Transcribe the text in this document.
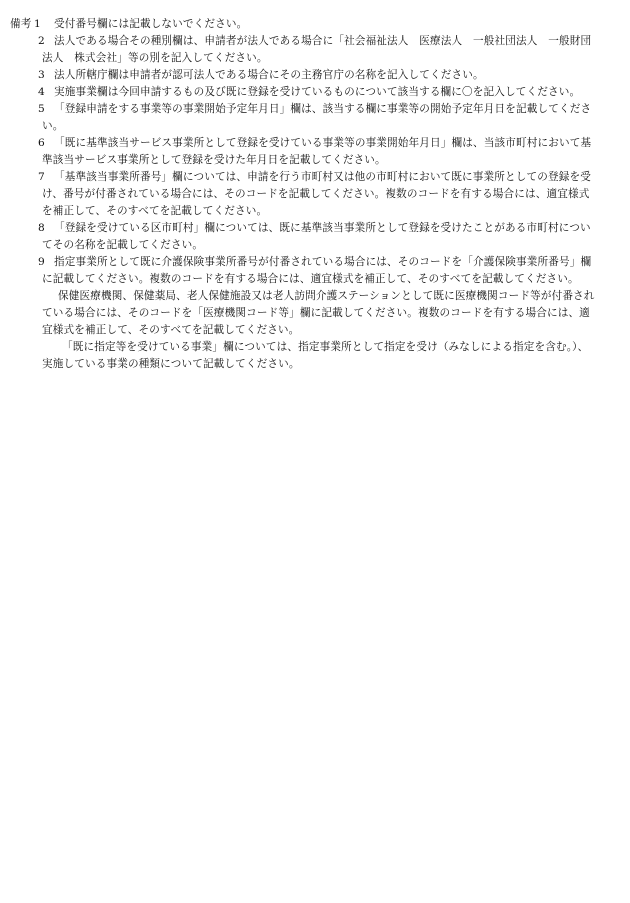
備考 1	受付番号欄には記載しないでください。
2 法人である場合その種別欄は、申請者が法人である場合に「社会福祉法人　医療法人　一般社団法人　一般財団
法人　株式会社」等の別を記入してください。
3 法人所轄庁欄は申請者が認可法人である場合にその主務官庁の名称を記入してください。
4 実施事業欄は今回申請するもの及び既に登録を受けているものについて該当する欄に〇を記入してください。
5 「登録申請をする事業等の事業開始予定年月日」欄は、該当する欄に事業等の開始予定年月日を記載してくださ
い。
6 「既に基準該当サービス事業所として登録を受けている事業等の事業開始年月日」欄は、当該市町村において基
準該当サービス事業所として登録を受けた年月日を記載してください。
7 「基準該当事業所番号」欄については、申請を行う市町村又は他の市町村において既に事業所としての登録を受
け、番号が付番されている場合には、そのコードを記載してください。複数のコードを有する場合には、適宜様式
を補正して、そのすべてを記載してください。
8 「登録を受けている区市町村」欄については、既に基準該当事業所として登録を受けたことがある市町村につい
てその名称を記載してください。
9 指定事業所として既に介護保険事業所番号が付番されている場合には、そのコードを「介護保険事業所番号」欄
に記載してください。複数のコードを有する場合には、適宜様式を補正して、そのすべてを記載してください。
保健医療機関、保健薬局、老人保健施設又は老人訪問介護ステーションとして既に医療機関コード等が付番され
ている場合には、そのコードを「医療機関コード等」欄に記載してください。複数のコードを有する場合には、適
宜様式を補正して、そのすべてを記載してください。
「既に指定等を受けている事業」欄については、指定事業所として指定を受け（みなしによる指定を含む。）、
実施している事業の種類について記載してください。
